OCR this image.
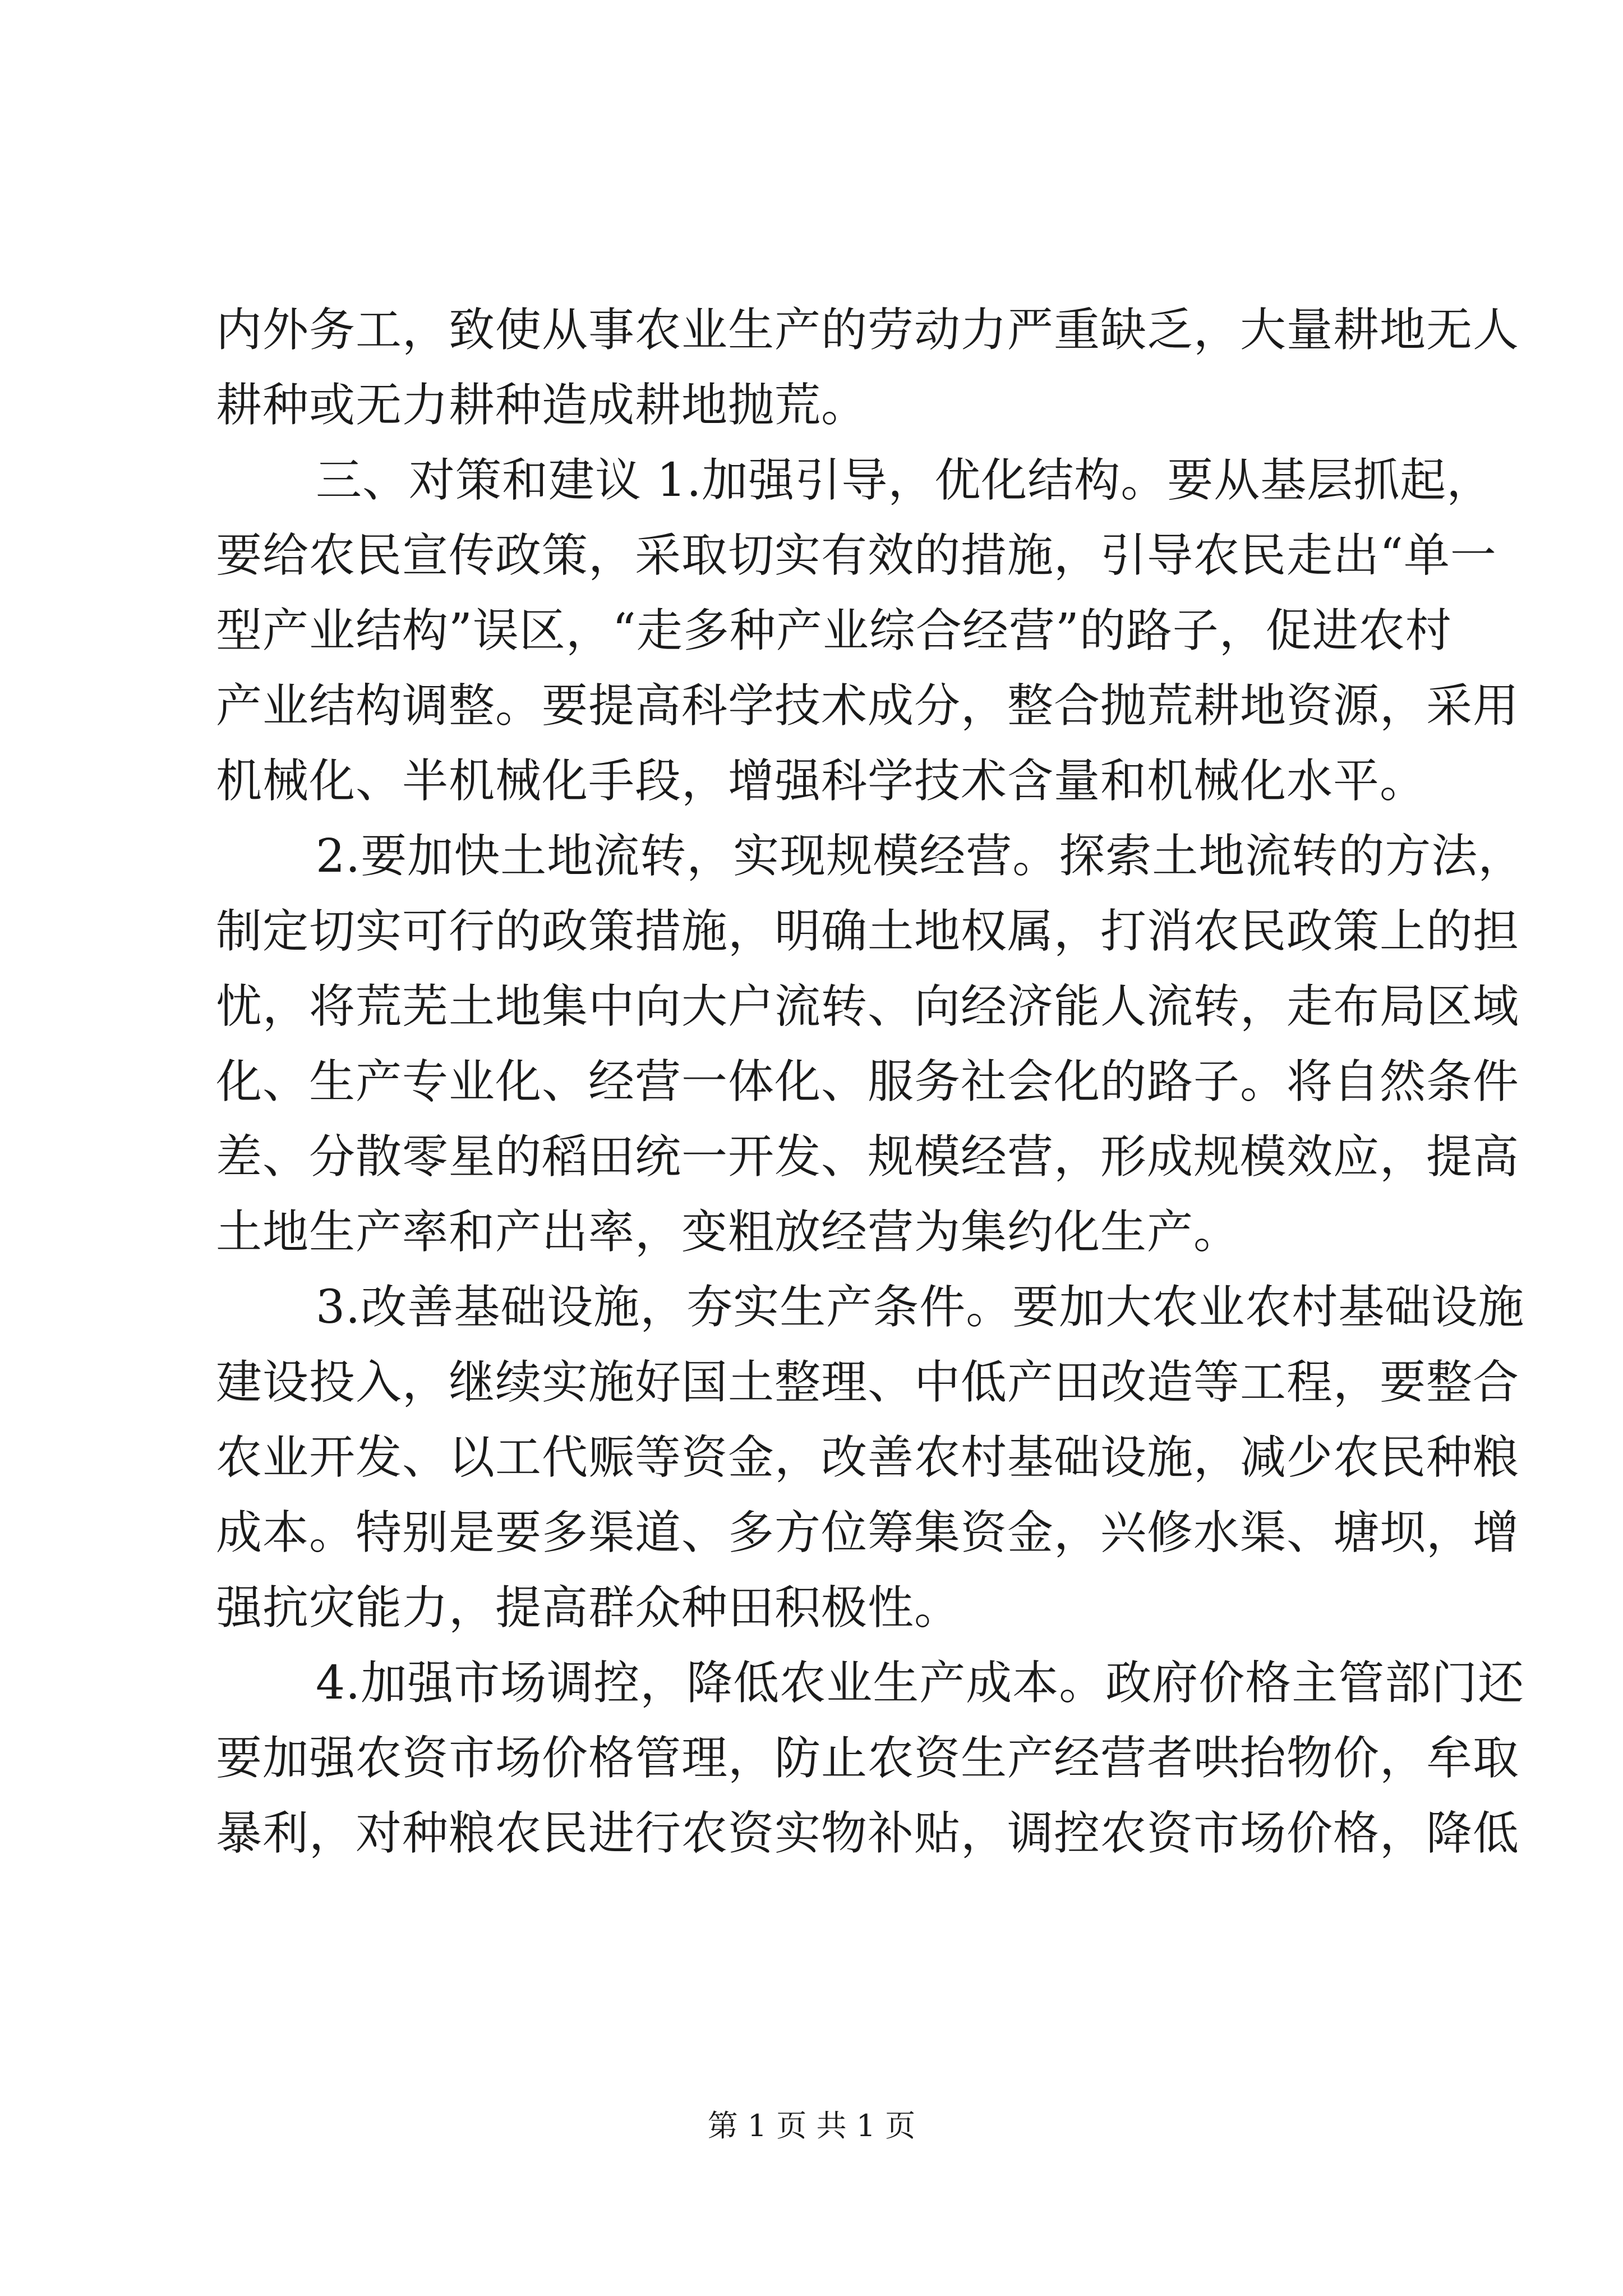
内外务工，致使从事农业生产的劳动力严重缺乏，大量耕地无人
耕种或无力耕种造成耕地抛荒。
三、对策和建议 1.加强引导，优化结构。要从基层抓起，
要给农民宣传政策，采取切实有效的措施，引导农民走出“单一
型产业结构”误区，“走多种产业综合经营”的路子，促进农村
产业结构调整。要提高科学技术成分，整合抛荒耕地资源，采用
机械化、半机械化手段，增强科学技术含量和机械化水平。
2.要加快土地流转，实现规模经营。探索土地流转的方法，
制定切实可行的政策措施，明确土地权属，打消农民政策上的担
忧，将荒芜土地集中向大户流转、向经济能人流转，走布局区域
化、生产专业化、经营一体化、服务社会化的路子。将自然条件
差、分散零星的稻田统一开发、规模经营，形成规模效应，提高
土地生产率和产出率，变粗放经营为集约化生产。
3.改善基础设施，夯实生产条件。要加大农业农村基础设施
建设投入，继续实施好国土整理、中低产田改造等工程，要整合
农业开发、以工代赈等资金，改善农村基础设施，减少农民种粮
成本。特别是要多渠道、多方位筹集资金，兴修水渠、塘坝，增
强抗灾能力，提高群众种田积极性。
4.加强市场调控，降低农业生产成本。政府价格主管部门还
要加强农资市场价格管理，防止农资生产经营者哄抬物价，牟取
暴利，对种粮农民进行农资实物补贴，调控农资市场价格，降低
第 1 页 共 1 页
